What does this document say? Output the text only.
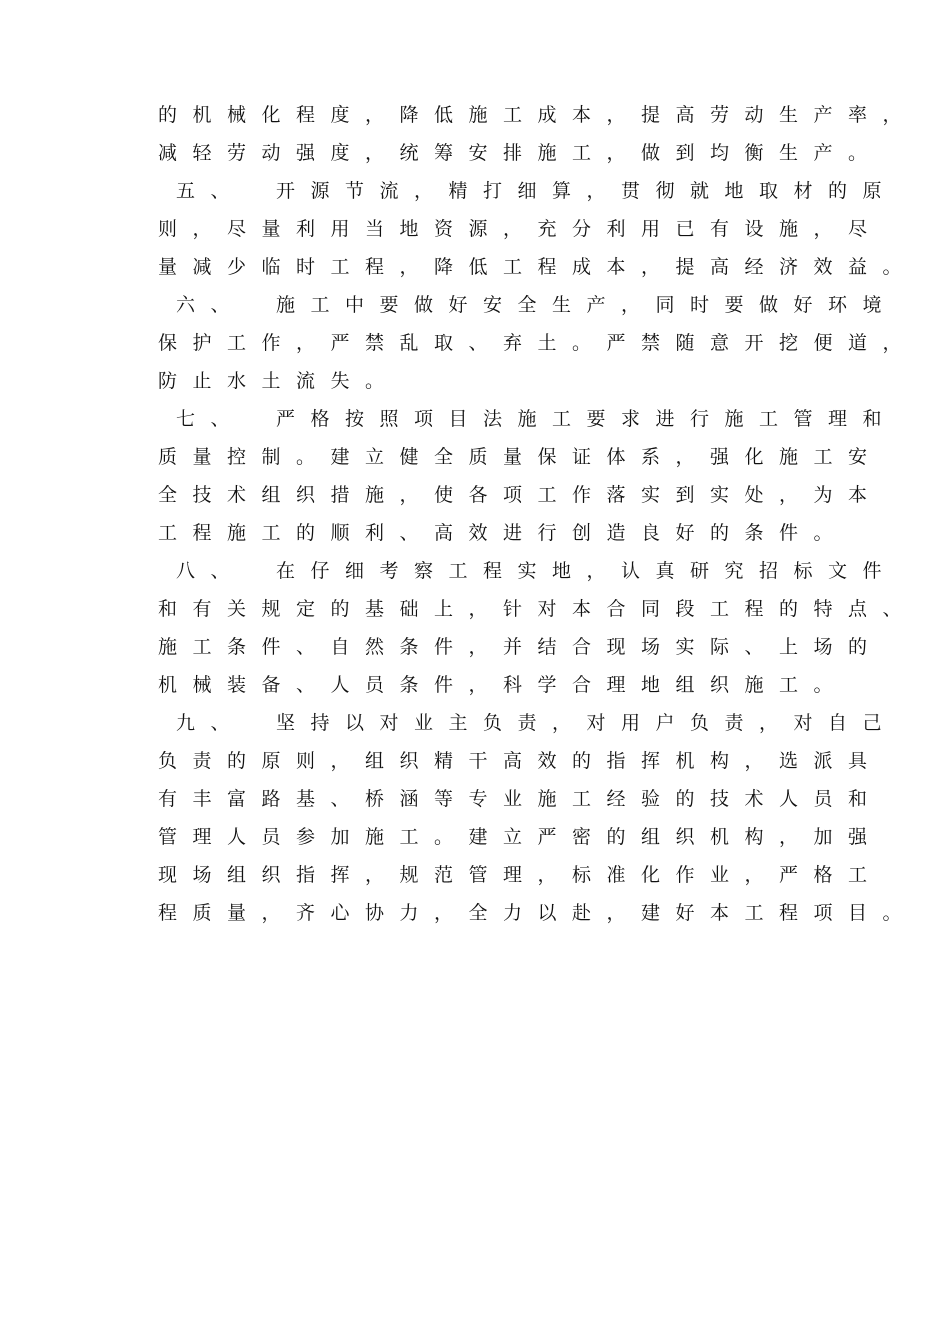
的机械化程度，降低施工成本，提高劳动生产率，
减轻劳动强度，统筹安排施工，做到均衡生产。
五、 开源节流，精打细算，贯彻就地取材的原
则，尽量利用当地资源，充分利用已有设施，尽
量减少临时工程，降低工程成本，提高经济效益。
六、 施工中要做好安全生产，同时要做好环境
保护工作，严禁乱取、弃土。严禁随意开挖便道，
防止水土流失。
七、 严格按照项目法施工要求进行施工管理和
质量控制。建立健全质量保证体系，强化施工安
全技术组织措施，使各项工作落实到实处，为本
工程施工的顺利、高效进行创造良好的条件。
八、 在仔细考察工程实地，认真研究招标文件
和有关规定的基础上，针对本合同段工程的特点、
施工条件、自然条件，并结合现场实际、上场的
机械装备、人员条件，科学合理地组织施工。
九、 坚持以对业主负责，对用户负责，对自己
负责的原则，组织精干高效的指挥机构，选派具
有丰富路基、桥涵等专业施工经验的技术人员和
管理人员参加施工。建立严密的组织机构，加强
现场组织指挥，规范管理，标准化作业，严格工
程质量，齐心协力，全力以赴，建好本工程项目。
